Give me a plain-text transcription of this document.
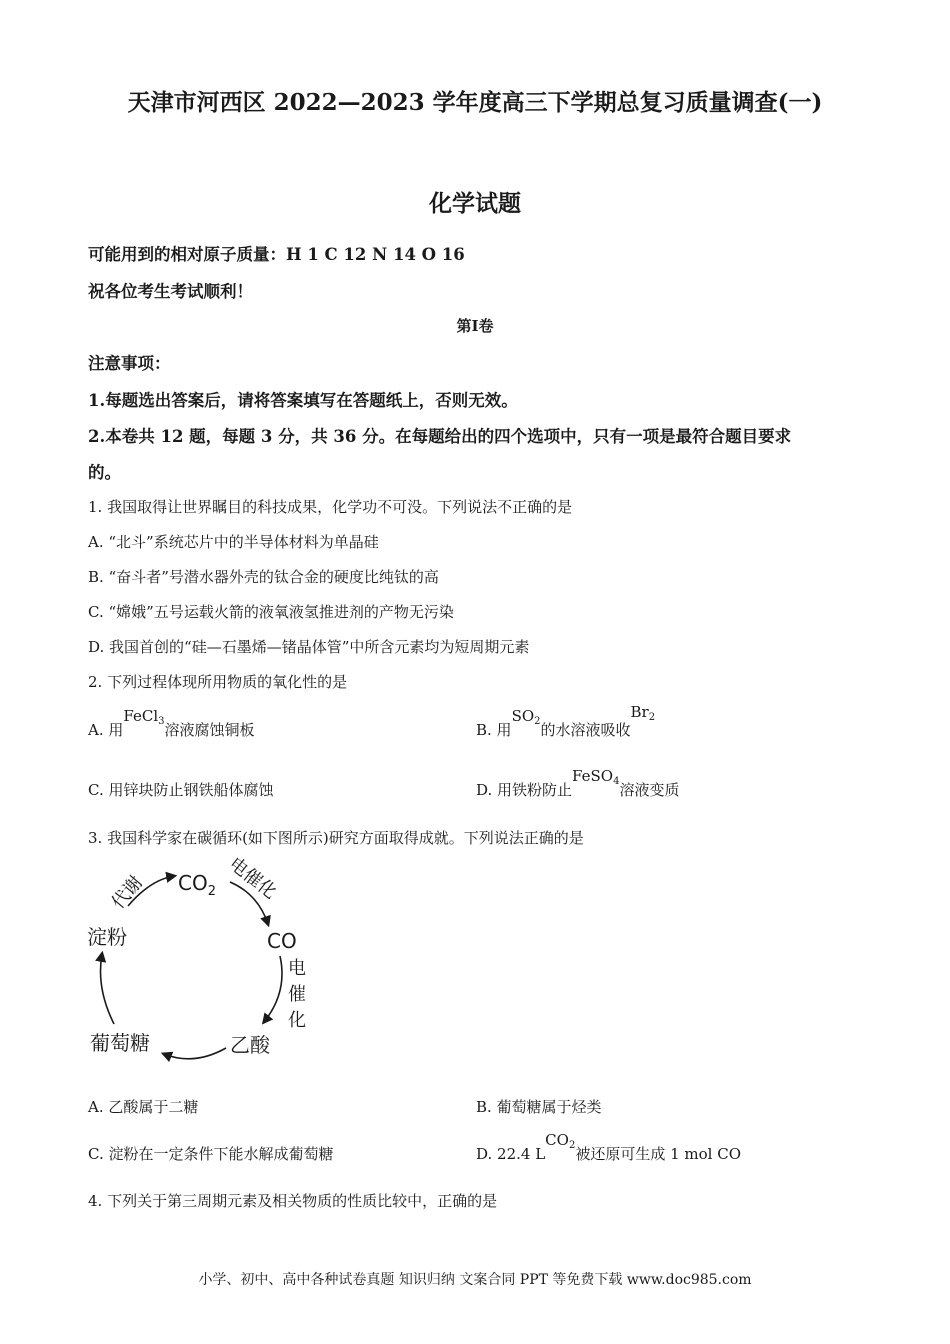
天津市河西区 2022—2023 学年度高三下学期总复习质量调查(一)
化学试题
可能用到的相对原子质量：H 1 C 12 N 14 O 16
祝各位考生考试顺利！
第Ⅰ卷
注意事项：
1.每题选出答案后，请将答案填写在答题纸上，否则无效。
2.本卷共 12 题，每题 3 分，共 36 分。在每题给出的四个选项中，只有一项是最符合题目要求
的。
1. 我国取得让世界瞩目的科技成果，化学功不可没。下列说法不正确的是
A. “北斗”系统芯片中的半导体材料为单晶硅
B. “奋斗者”号潜水器外壳的钛合金的硬度比纯钛的高
C. “嫦娥”五号运载火箭的液氧液氢推进剂的产物无污染
D. 我国首创的“硅—石墨烯—锗晶体管”中所含元素均为短周期元素
2. 下列过程体现所用物质的氧化性的是
A. 用FeCl$_3$溶液腐蚀铜板	B. 用$SO_2$的水溶液吸收$Br_2$
C. 用锌块防止钢铁船体腐蚀	D. 用铁粉防止FeSO$_4$溶液变质
3. 我国科学家在碳循环(如下图所示)研究方面取得成就。下列说法正确的是
$CO_2$
CO
淀粉
葡萄糖	乙酸
代谢	电催化
电
催
化
A. 乙酸属于二糖	B. 葡萄糖属于烃类
C. 淀粉在一定条件下能水解成葡萄糖	D. 22.4 $LCO_2$被还原可生成 1 mol CO
4. 下列关于第三周期元素及相关物质的性质比较中，正确的是
小学、初中、高中各种试卷真题 知识归纳 文案合同 PPT 等免费下载 www.doc985.com
